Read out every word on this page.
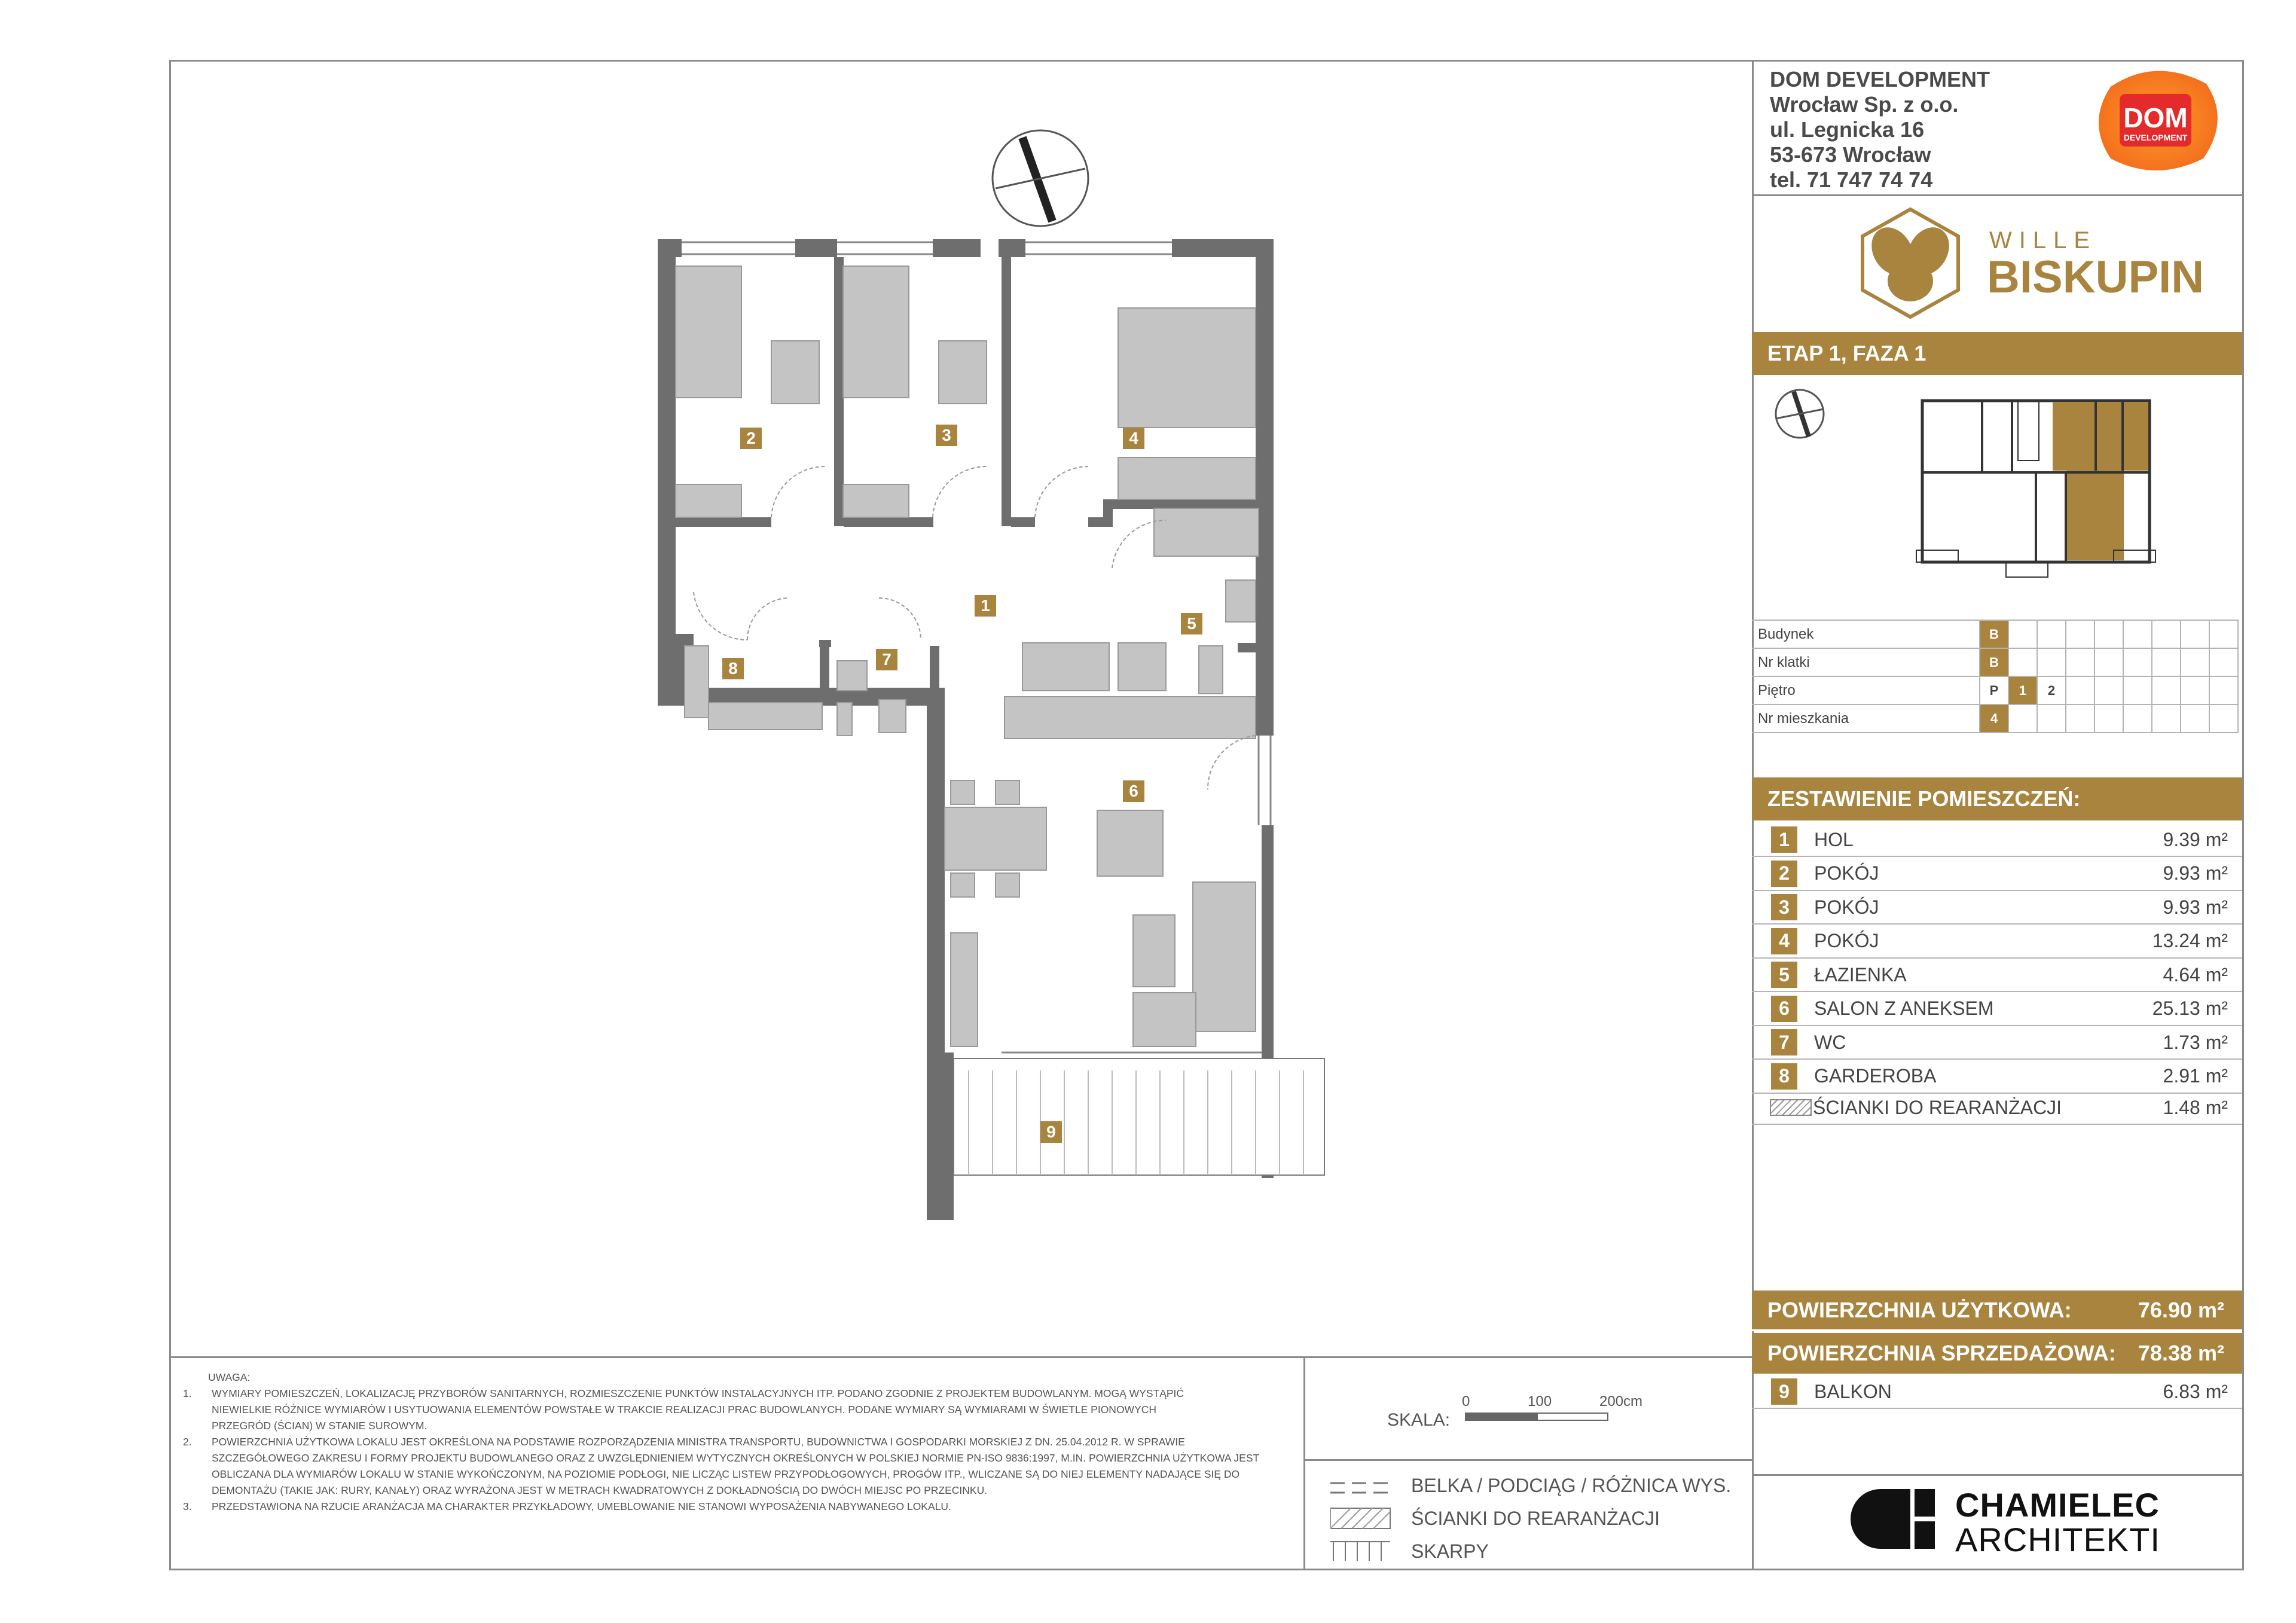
DOM DEVELOPMENT
Wrocław Sp. z o.o.
ul. Legnicka 16
53-673 Wrocław
tel. 71 747 74 74
DOM
DEVELOPMENT
WILLE
BISKUPIN
ETAP 1, FAZA 1
Budynek	B								
Nr klatki	B								
Piętro	P	1	2						
Nr mieszkania	4								
ZESTAWIENIE POMIESZCZEŃ:
1	HOL	9.39 m²
2	POKÓJ	9.93 m²
3	POKÓJ	9.93 m²
4	POKÓJ	13.24 m²
5	ŁAZIENKA	4.64 m²
6	SALON Z ANEKSEM	25.13 m²
7	WC	1.73 m²
8	GARDEROBA	2.91 m²
ŚCIANKI DO REARANŻACJI	1.48 m²
POWIERZCHNIA UŻYTKOWA:	76.90 m²
POWIERZCHNIA SPRZEDAŻOWA: 78.38 m²
9	BALKON	6.83 m²
CHAMIELEC
ARCHITEKTI
UWAGA:
1.	WYMIARY POMIESZCZEŃ, LOKALIZACJĘ PRZYBORÓW SANITARNYCH, ROZMIESZCZENIE PUNKTÓW INSTALACYJNYCH ITP. PODANO ZGODNIE Z PROJEKTEM BUDOWLANYM. MOGĄ WYSTĄPIĆ
NIEWIELKIE RÓŻNICE WYMIARÓW I USYTUOWANIA ELEMENTÓW POWSTAŁE W TRAKCIE REALIZACJI PRAC BUDOWLANYCH. PODANE WYMIARY SĄ WYMIARAMI W ŚWIETLE PIONOWYCH
PRZEGRÓD (ŚCIAN) W STANIE SUROWYM.
2.	POWIERZCHNIA UŻYTKOWA LOKALU JEST OKREŚLONA NA PODSTAWIE ROZPORZĄDZENIA MINISTRA TRANSPORTU, BUDOWNICTWA I GOSPODARKI MORSKIEJ Z DN. 25.04.2012 R. W SPRAWIE
SZCZEGÓŁOWEGO ZAKRESU I FORMY PROJEKTU BUDOWLANEGO ORAZ Z UWZGLĘDNIENIEM WYTYCZNYCH OKREŚLONYCH W POLSKIEJ NORMIE PN-ISO 9836:1997, M.IN. POWIERZCHNIA UŻYTKOWA JEST
OBLICZANA DLA WYMIARÓW LOKALU W STANIE WYKOŃCZONYM, NA POZIOMIE PODŁOGI, NIE LICZĄC LISTEW PRZYPODŁOGOWYCH, PROGÓW ITP., WLICZANE SĄ DO NIEJ ELEMENTY NADAJĄCE SIĘ DO
DEMONTAŻU (TAKIE JAK: RURY, KANAŁY) ORAZ WYRAŻONA JEST W METRACH KWADRATOWYCH Z DOKŁADNOŚCIĄ DO DWÓCH MIEJSC PO PRZECINKU.
3.	PRZEDSTAWIONA NA RZUCIE ARANŻACJA MA CHARAKTER PRZYKŁADOWY, UMEBLOWANIE NIE STANOWI WYPOSAŻENIA NABYWANEGO LOKALU.
SKALA:
0	100	200cm
BELKA / PODCIĄG / RÓŻNICA WYS.
ŚCIANKI DO REARANŻACJI
SKARPY
1
2	3	4
5
6
7
8
9
